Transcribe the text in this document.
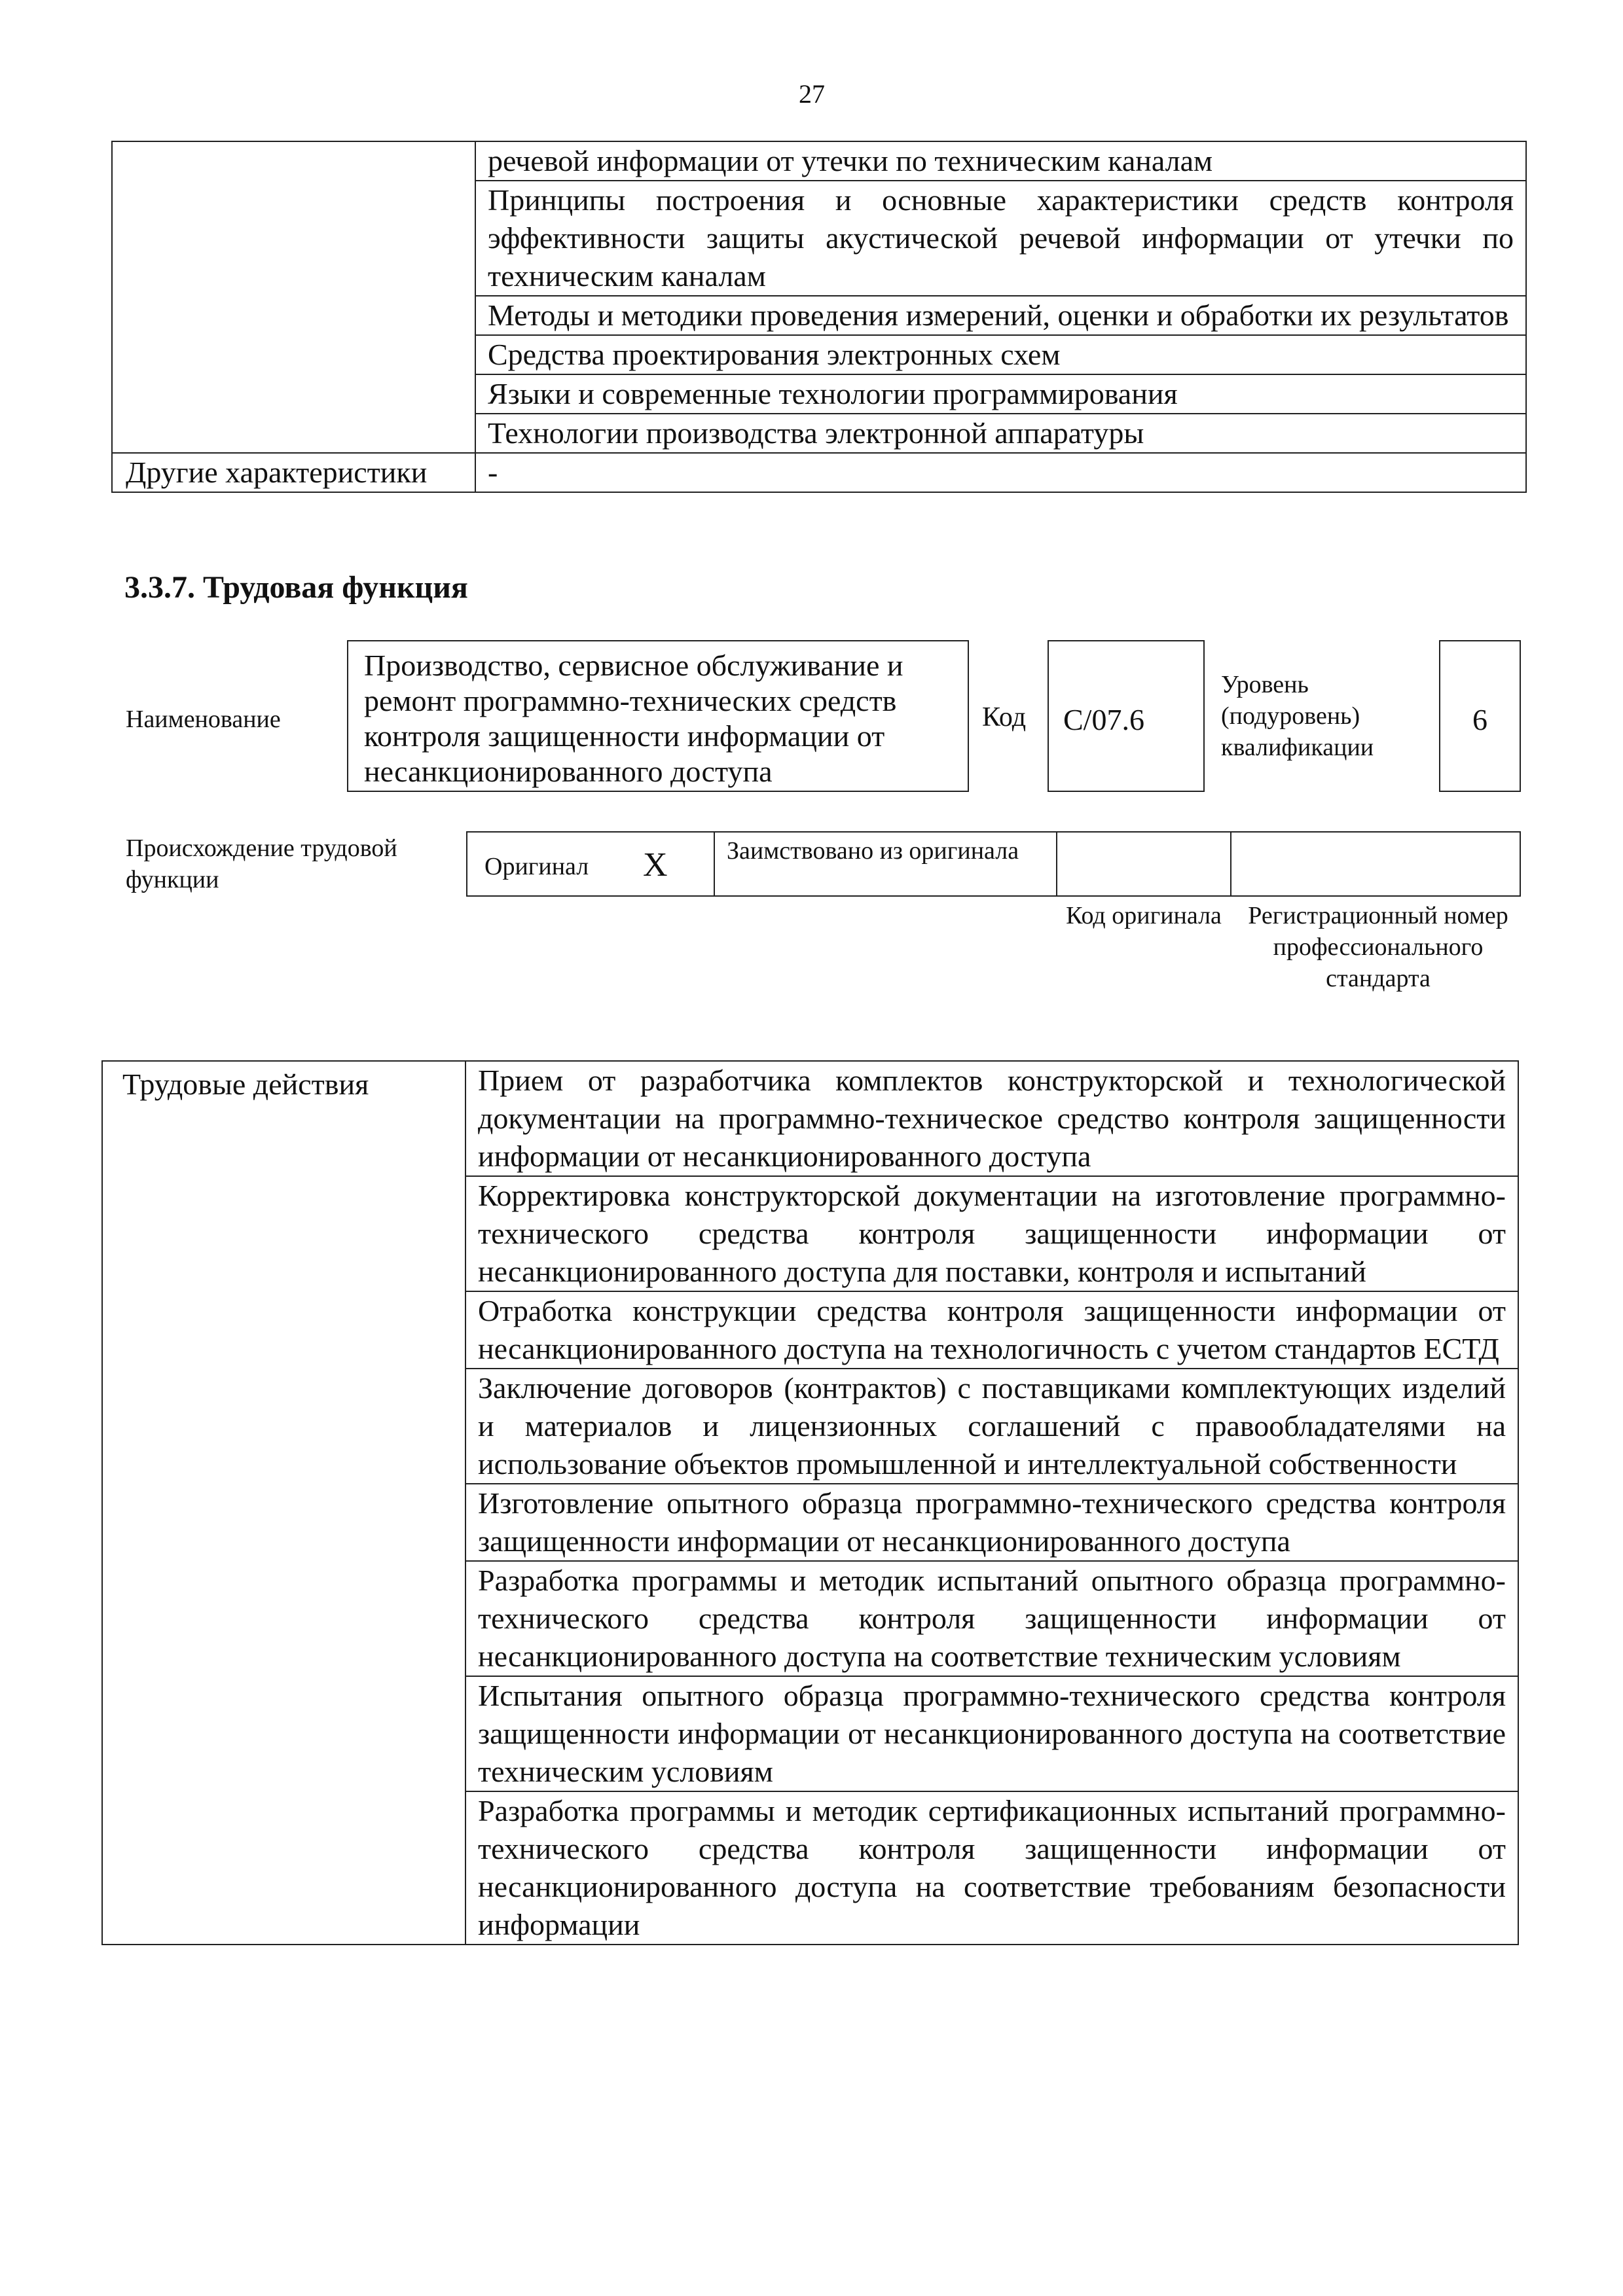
27
	речевой информации от утечки по техническим каналам
	Принципы построения и основные характеристики средств контроля эффективности защиты акустической речевой информации от утечки по техническим каналам
	Методы и методики проведения измерений, оценки и обработки их результатов
	Средства проектирования электронных схем
	Языки и современные технологии программирования
	Технологии производства электронной аппаратуры
Другие характеристики	-
3.3.7. Трудовая функция
Наименование
Производство, сервисное обслуживание и ремонт программно-технических средств контроля защищенности информации от несанкционированного доступа
Код	С/07.6
Уровень (подуровень) квалификации
6
Происхождение трудовой функции	Оригинал X	Заимствовано из оригинала
Код оригинала	Регистрационный номер профессионального стандарта
Трудовые действия	Прием от разработчика комплектов конструкторской и технологической документации на программно-техническое средство контроля защищенности информации от несанкционированного доступа
Корректировка конструкторской документации на изготовление программно-технического средства контроля защищенности информации от несанкционированного доступа для поставки, контроля и испытаний
Отработка конструкции средства контроля защищенности информации от несанкционированного доступа на технологичность с учетом стандартов ЕСТД
Заключение договоров (контрактов) с поставщиками комплектующих изделий и материалов и лицензионных соглашений с правообладателями на использование объектов промышленной и интеллектуальной собственности
Изготовление опытного образца программно-технического средства контроля защищенности информации от несанкционированного доступа
Разработка программы и методик испытаний опытного образца программно-технического средства контроля защищенности информации от несанкционированного доступа на соответствие техническим условиям
Испытания опытного образца программно-технического средства контроля защищенности информации от несанкционированного доступа на соответствие техническим условиям
Разработка программы и методик сертификационных испытаний программно-технического средства контроля защищенности информации от несанкционированного доступа на соответствие требованиям безопасности информации
